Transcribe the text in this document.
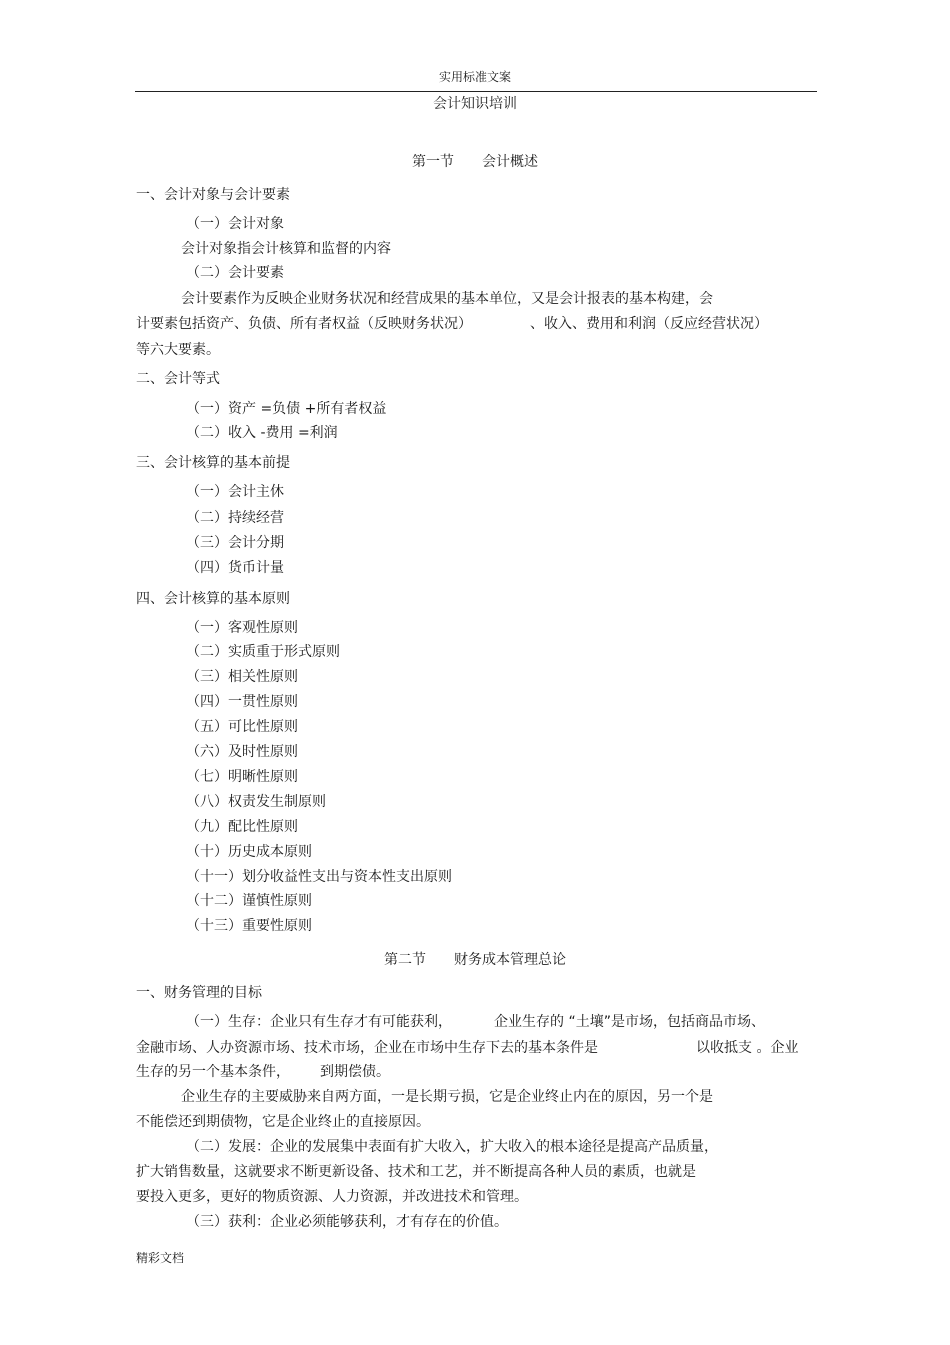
实用标准文案
会计知识培训
第一节 会计概述
一、会计对象与会计要素
（一）会计对象
会计对象指会计核算和监督的内容
（二）会计要素
会计要素作为反映企业财务状况和经营成果的基本单位，又是会计报表的基本构建，会
计要素包括资产、负债、所有者权益（反映财务状况）	、收入、费用和利润（反应经营状况）
等六大要素。
二、会计等式
（一）资产 =负债 +所有者权益
（二）收入 -费用 =利润
三、会计核算的基本前提
（一）会计主休
（二）持续经营
（三）会计分期
（四）货币计量
四、会计核算的基本原则
（一）客观性原则
（二）实质重于形式原则
（三）相关性原则
（四）一贯性原则
（五）可比性原则
（六）及时性原则
（七）明晰性原则
（八）权责发生制原则
（九）配比性原则
（十）历史成本原则
（十一）划分收益性支出与资本性支出原则
（十二）谨慎性原则
（十三）重要性原则
第二节 财务成本管理总论
一、财务管理的目标
（一）生存：企业只有生存才有可能获利，	企业生存的 “土壤”是市场，包括商品市场、
金融市场、人办资源市场、技术市场，企业在市场中生存下去的基本条件是	以收抵支 。企业
生存的另一个基本条件， 到期偿债。
企业生存的主要威胁来自两方面，一是长期亏损，它是企业终止内在的原因，另一个是
不能偿还到期债物，它是企业终止的直接原因。
（二）发展：企业的发展集中表面有扩大收入，扩大收入的根本途径是提高产品质量，
扩大销售数量，这就要求不断更新设备、技术和工艺，并不断提高各种人员的素质，也就是
要投入更多，更好的物质资源、人力资源，并改进技术和管理。
（三）获利：企业必须能够获利，才有存在的价值。
精彩文档
